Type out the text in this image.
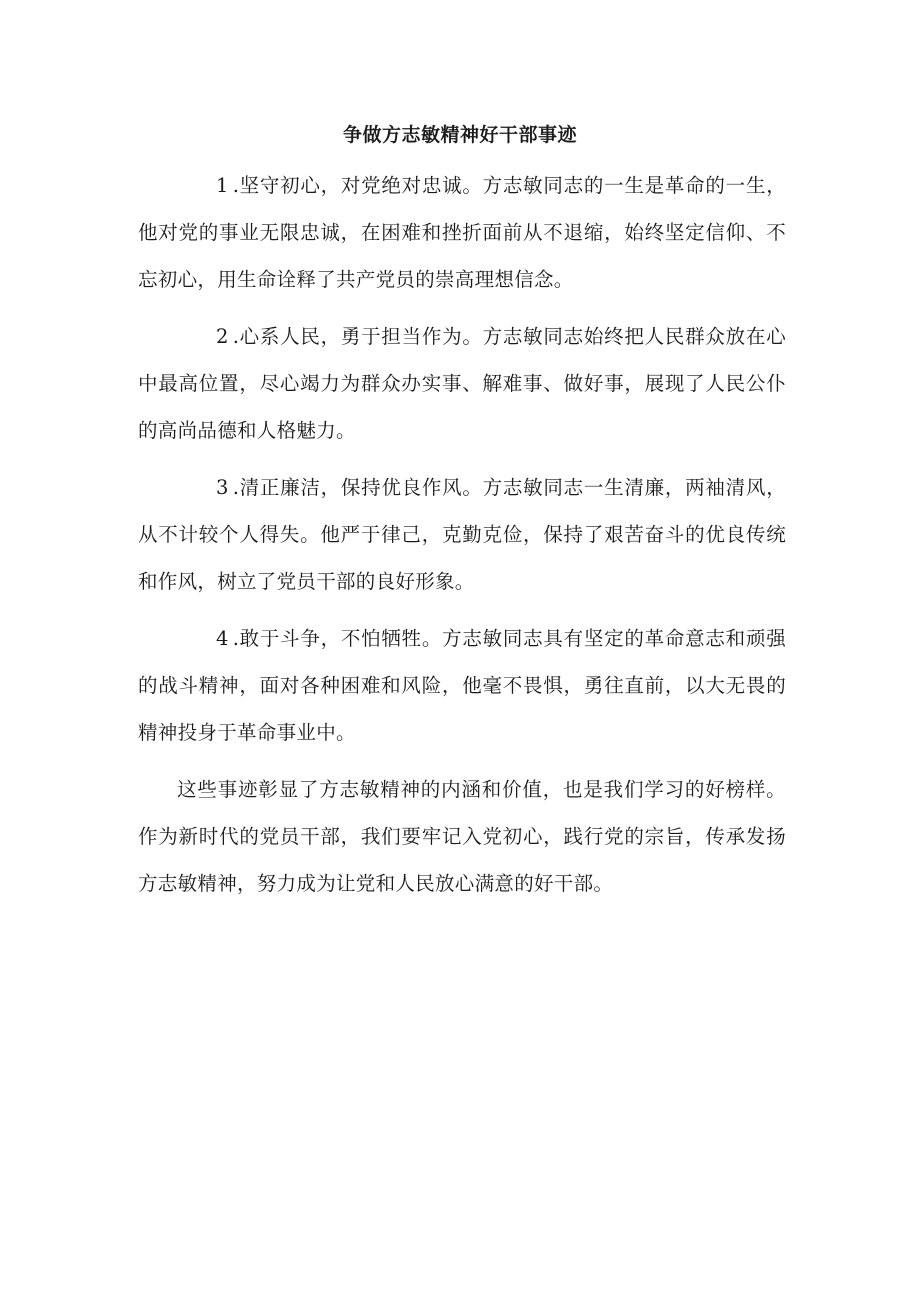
争做方志敏精神好干部事迹

1 .坚守初心，对党绝对忠诚。方志敏同志的一生是革命的一生，他对党的事业无限忠诚，在困难和挫折面前从不退缩，始终坚定信仰、不忘初心，用生命诠释了共产党员的崇高理想信念。

2 .心系人民，勇于担当作为。方志敏同志始终把人民群众放在心中最高位置，尽心竭力为群众办实事、解难事、做好事，展现了人民公仆的高尚品德和人格魅力。

3 .清正廉洁，保持优良作风。方志敏同志一生清廉，两袖清风，从不计较个人得失。他严于律己，克勤克俭，保持了艰苦奋斗的优良传统和作风，树立了党员干部的良好形象。

4 .敢于斗争，不怕牺牲。方志敏同志具有坚定的革命意志和顽强的战斗精神，面对各种困难和风险，他毫不畏惧，勇往直前，以大无畏的精神投身于革命事业中。

这些事迹彰显了方志敏精神的内涵和价值，也是我们学习的好榜样。作为新时代的党员干部，我们要牢记入党初心，践行党的宗旨，传承发扬方志敏精神，努力成为让党和人民放心满意的好干部。
